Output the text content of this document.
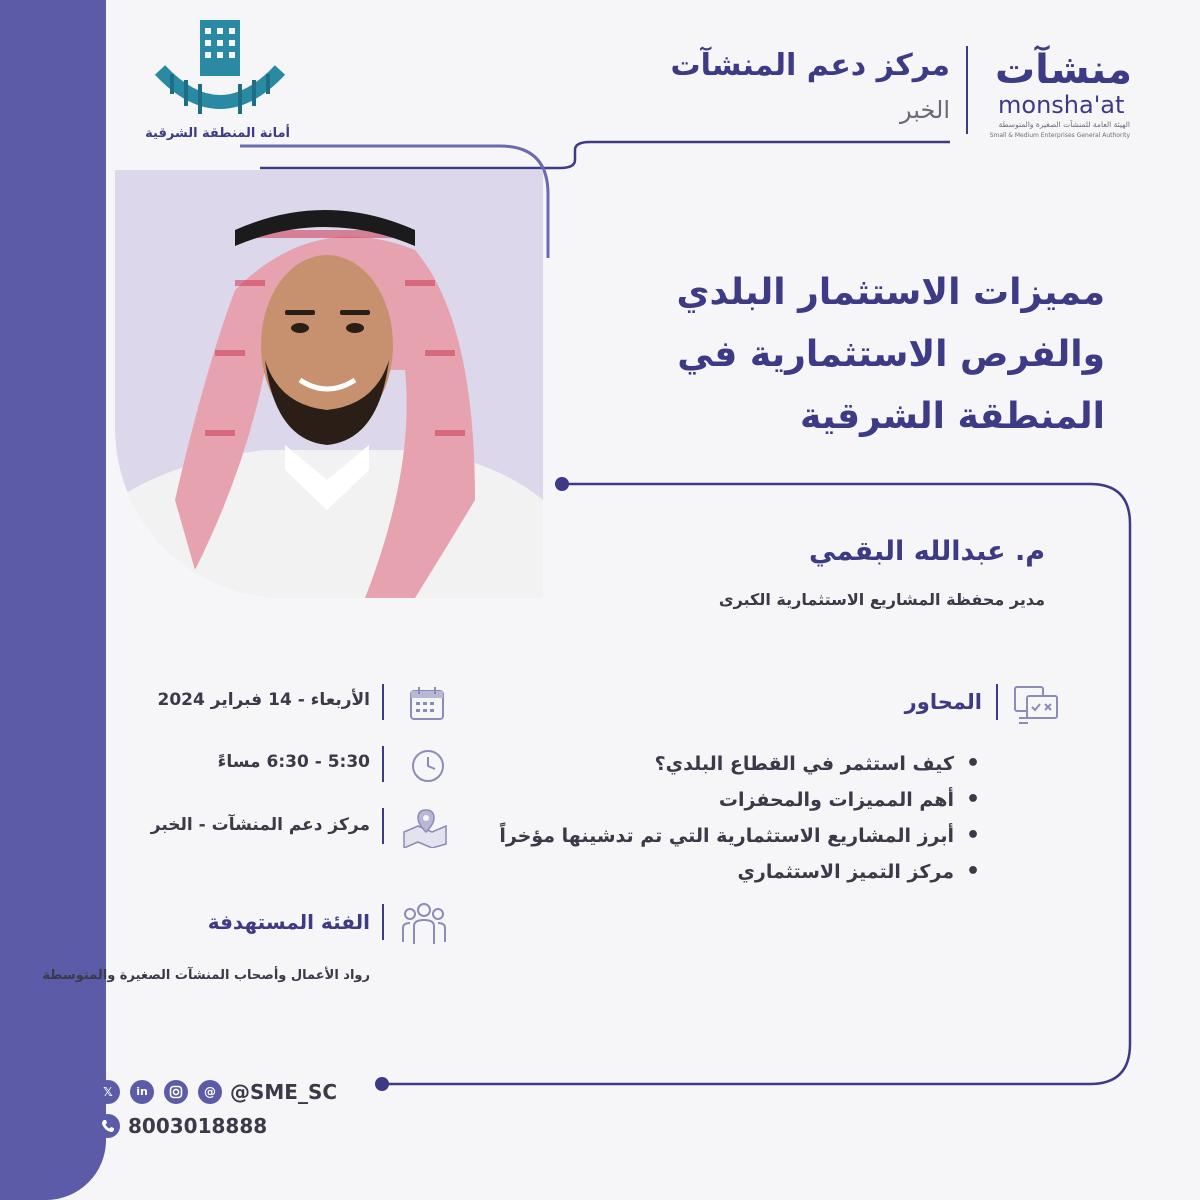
منشآت
monsha'at
الهيئة العامة للمنشآت الصغيرة والمتوسطة
Small & Medium Enterprises General Authority
مركز دعم المنشآت
الخبر
أمانة المنطقة الشرقية
مميزات الاستثمار البلدي
والفرص الاستثمارية في
المنطقة الشرقية
م. عبدالله البقمي
مدير محفظة المشاريع الاستثمارية الكبرى
الأربعاء - 14 فبراير 2024
5:30 - 6:30 مساءً
مركز دعم المنشآت - الخبر
المحاور
• كيف استثمر في القطاع البلدي؟
• أهم المميزات والمحفزات
• أبرز المشاريع الاستثمارية التي تم تدشينها مؤخراً
• مركز التميز الاستثماري
الفئة المستهدفة
رواد الأعمال وأصحاب المنشآت الصغيرة والمتوسطة
𝕏	in	@ @SME_SC
8003018888
